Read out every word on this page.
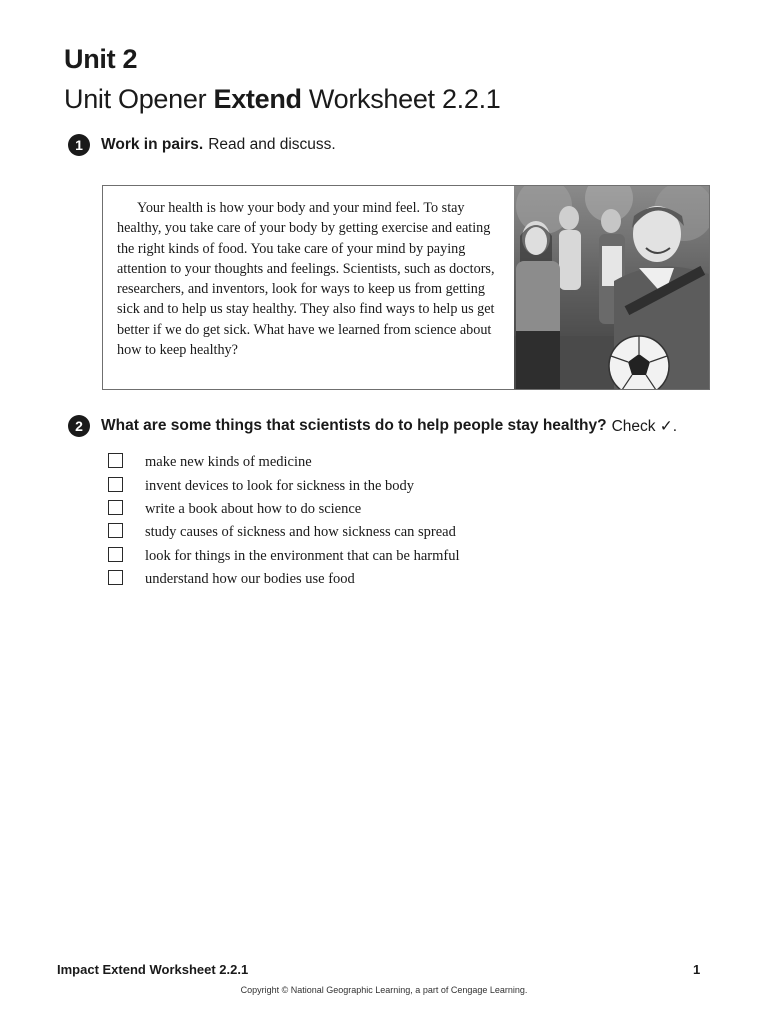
Unit 2
Unit Opener Extend Worksheet 2.2.1
1	Work in pairs. Read and discuss.

Your health is how your body and your mind feel. To stay healthy, you take care of your body by getting exercise and eating the right kinds of food. You take care of your mind by paying attention to your thoughts and feelings. Scientists, such as doctors, researchers, and inventors, look for ways to keep us from getting sick and to help us stay healthy. They also find ways to help us get better if we do get sick. What have we learned from science about how to keep healthy?

2	What are some things that scientists do to help people stay healthy? Check ✓.
make new kinds of medicine
invent devices to look for sickness in the body
write a book about how to do science
study causes of sickness and how sickness can spread
look for things in the environment that can be harmful
understand how our bodies use food
Impact Extend Worksheet 2.2.1	1
Copyright © National Geographic Learning, a part of Cengage Learning.
